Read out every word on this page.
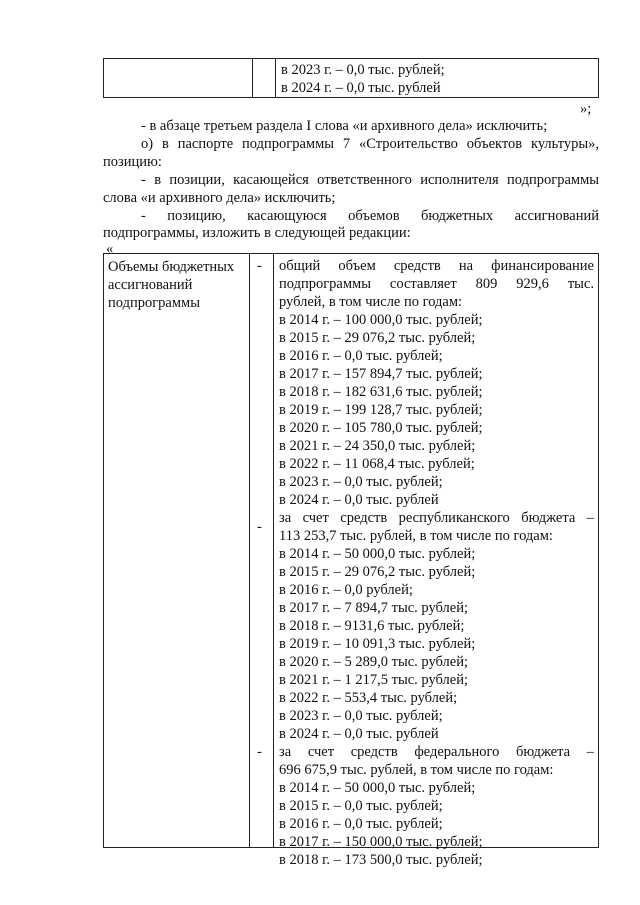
в 2023 г. – 0,0 тыс. рублей;
в 2024 г. – 0,0 тыс. рублей
»;
- в абзаце третьем раздела I слова «и архивного дела» исключить;
о) в паспорте подпрограммы 7 «Строительство объектов культуры»,
позицию:
- в позиции, касающейся ответственного исполнителя подпрограммы
слова «и архивного дела» исключить;
- позицию, касающуюся объемов бюджетных ассигнований
подпрограммы, изложить в следующей редакции:
«
Объемы бюджетных
ассигнований
подпрограммы
-
-
-
общий объем средств на финансирование
подпрограммы составляет 809 929,6 тыс.
рублей, в том числе по годам:
в 2014 г. – 100 000,0 тыс. рублей;
в 2015 г. – 29 076,2 тыс. рублей;
в 2016 г. – 0,0 тыс. рублей;
в 2017 г. – 157 894,7 тыс. рублей;
в 2018 г. – 182 631,6 тыс. рублей;
в 2019 г. – 199 128,7 тыс. рублей;
в 2020 г. – 105 780,0 тыс. рублей;
в 2021 г. – 24 350,0 тыс. рублей;
в 2022 г. – 11 068,4 тыс. рублей;
в 2023 г. – 0,0 тыс. рублей;
в 2024 г. – 0,0 тыс. рублей
за счет средств республиканского бюджета –
113 253,7 тыс. рублей, в том числе по годам:
в 2014 г. – 50 000,0 тыс. рублей;
в 2015 г. – 29 076,2 тыс. рублей;
в 2016 г. – 0,0 рублей;
в 2017 г. – 7 894,7 тыс. рублей;
в 2018 г. – 9131,6 тыс. рублей;
в 2019 г. – 10 091,3 тыс. рублей;
в 2020 г. – 5 289,0 тыс. рублей;
в 2021 г. – 1 217,5 тыс. рублей;
в 2022 г. – 553,4 тыс. рублей;
в 2023 г. – 0,0 тыс. рублей;
в 2024 г. – 0,0 тыс. рублей
за счет средств федерального бюджета –
696 675,9 тыс. рублей, в том числе по годам:
в 2014 г. – 50 000,0 тыс. рублей;
в 2015 г. – 0,0 тыс. рублей;
в 2016 г. – 0,0 тыс. рублей;
в 2017 г. – 150 000,0 тыс. рублей;
в 2018 г. – 173 500,0 тыс. рублей;
